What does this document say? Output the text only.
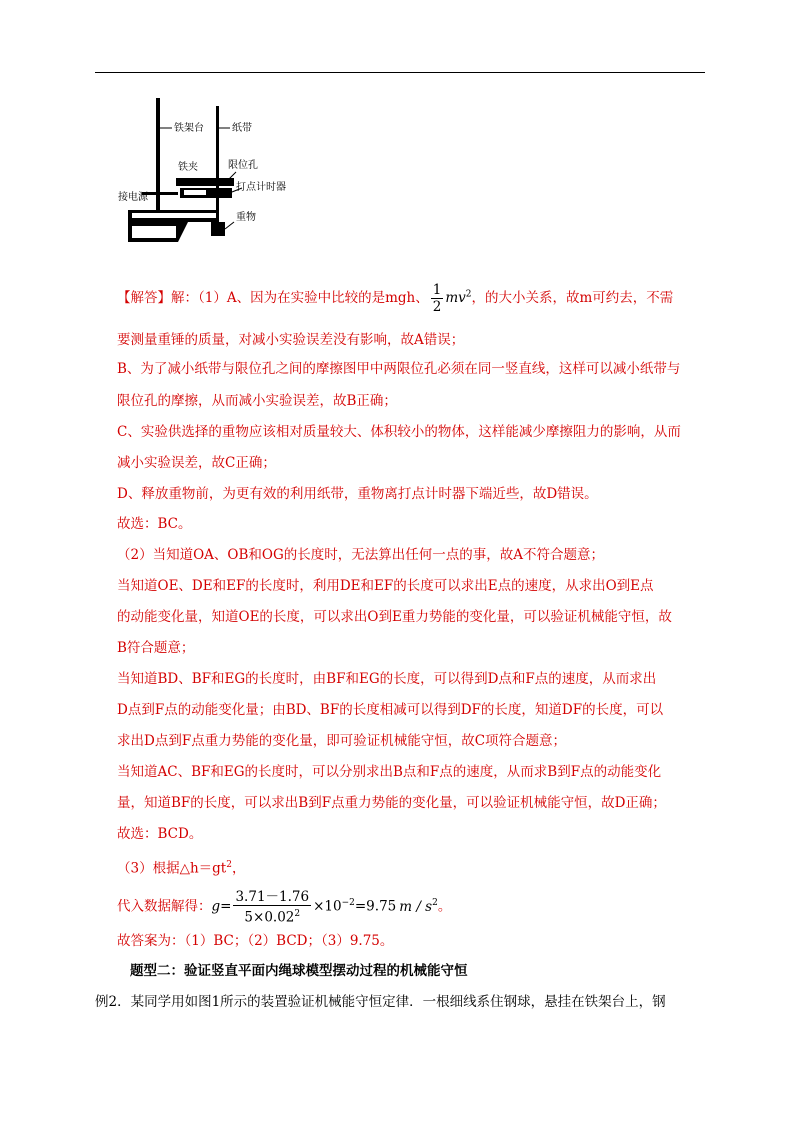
铁架台	纸带
铁夹	限位孔
接电源
打点计时器
重物
【解答】解：（1）A、因为在实验中比较的是mgh、 $\frac{1}{2} mv^2$，的大小关系，故m可约去，不需
要测量重锤的质量，对减小实验误差没有影响，故A错误；
B、为了减小纸带与限位孔之间的摩擦图甲中两限位孔必须在同一竖直线，这样可以减小纸带与
限位孔的摩擦，从而减小实验误差，故B正确；
C、实验供选择的重物应该相对质量较大、体积较小的物体，这样能减少摩擦阻力的影响，从而
减小实验误差，故C正确；
D、释放重物前，为更有效的利用纸带，重物离打点计时器下端近些，故D错误。
故选：BC。
（2）当知道OA、OB和OG的长度时，无法算出任何一点的事，故A不符合题意；
当知道OE、DE和EF的长度时，利用DE和EF的长度可以求出E点的速度，从求出O到E点
的动能变化量，知道OE的长度，可以求出O到E重力势能的变化量，可以验证机械能守恒，故
B符合题意；
当知道BD、BF和EG的长度时，由BF和EG的长度，可以得到D点和F点的速度，从而求出
D点到F点的动能变化量；由BD、BF的长度相减可以得到DF的长度，知道DF的长度，可以
求出D点到F点重力势能的变化量，即可验证机械能守恒，故C项符合题意；
当知道AC、BF和EG的长度时，可以分别求出B点和F点的速度，从而求B到F点的动能变化
量，知道BF的长度，可以求出B到F点重力势能的变化量，可以验证机械能守恒，故D正确；
故选：BCD。
（3）根据$\triangle h=gt^2$，
代入数据解得：$g= \frac{3.71-1.76}{5\times 0.02^2} \times 10^{-2}=9.75$ m / $s^2$。
故答案为：（1）BC；（2）BCD；（3）9.75。
题型二：验证竖直平面内绳球模型摆动过程的机械能守恒
例2．某同学用如图1所示的装置验证机械能守恒定律．一根细线系住钢球，悬挂在铁架台上，钢
